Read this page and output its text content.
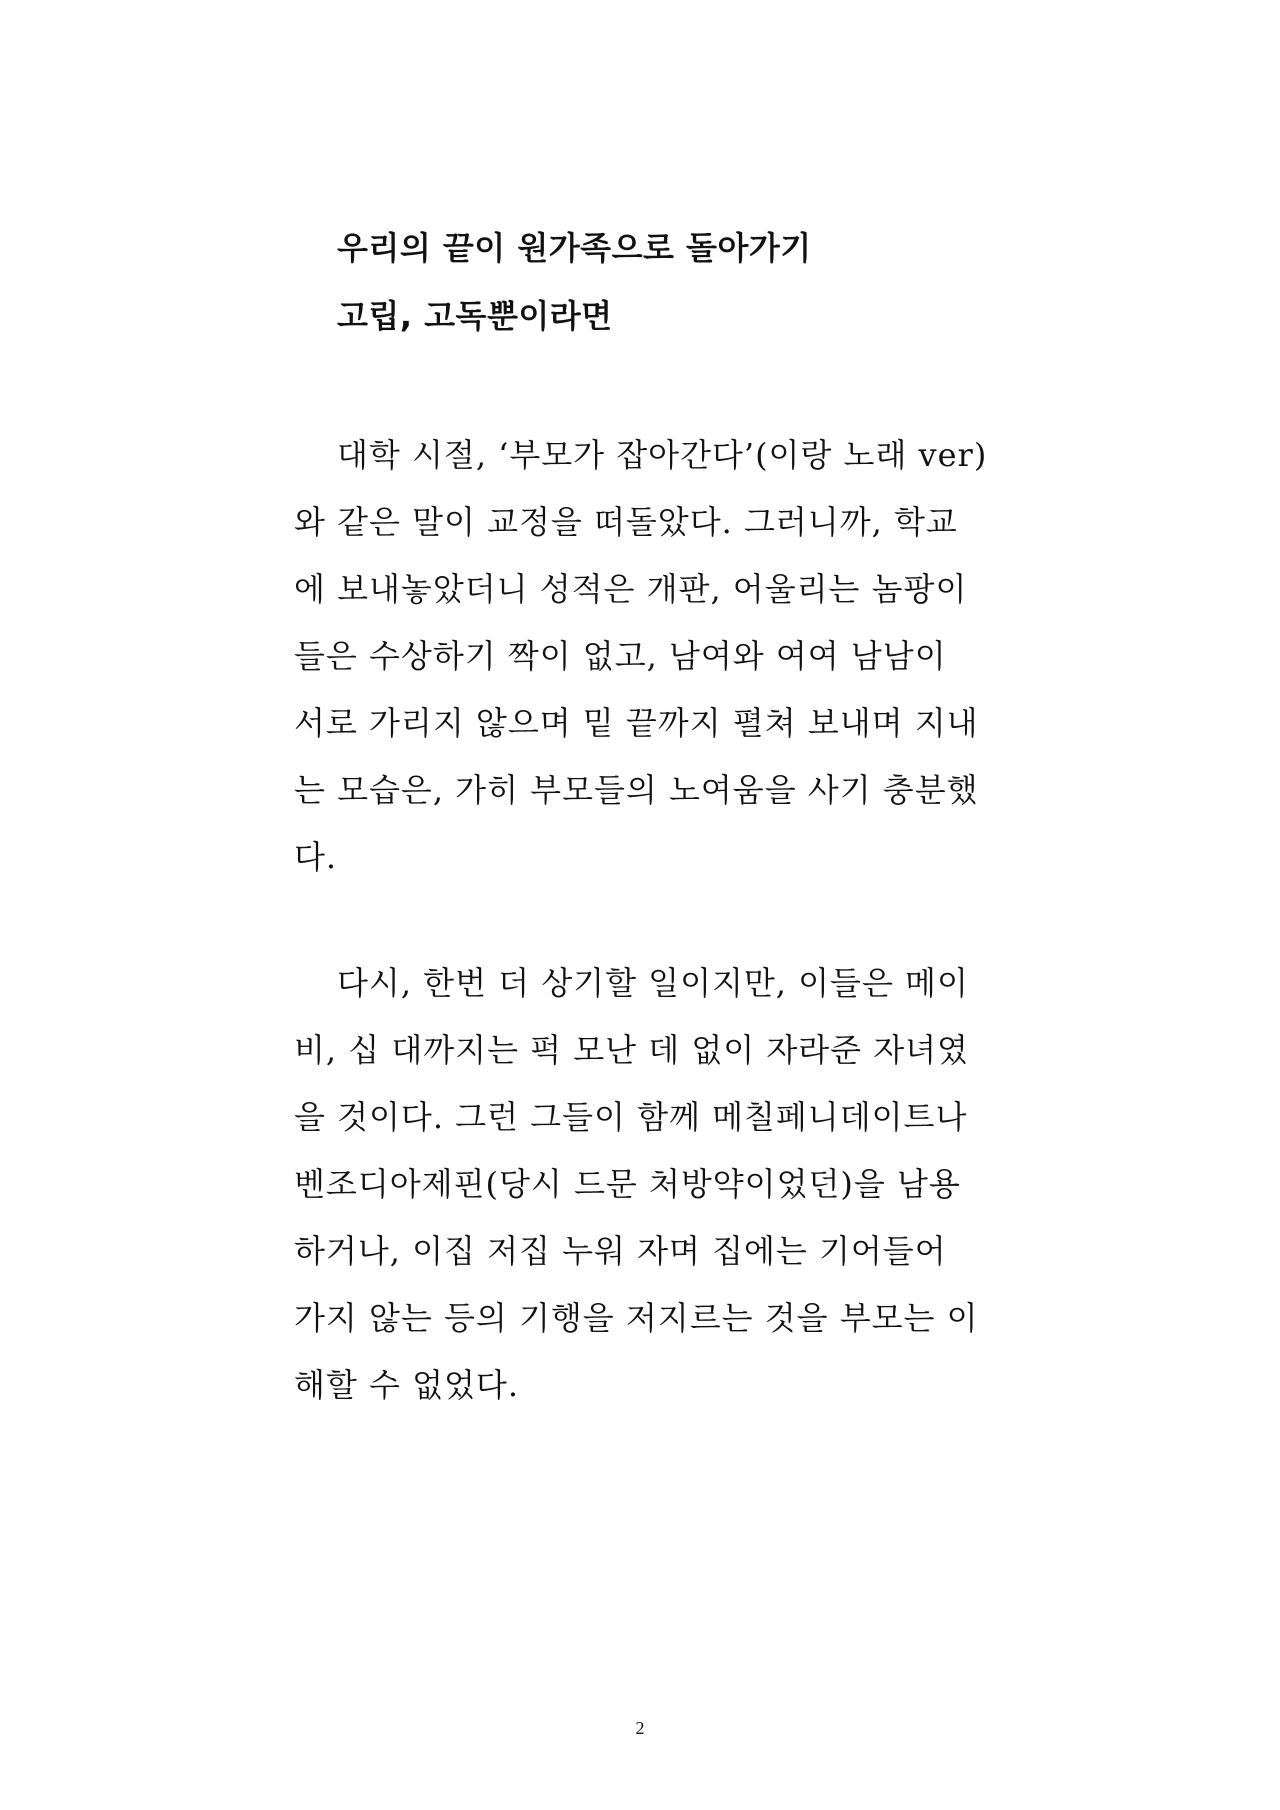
우리의 끝이 원가족으로 돌아가기
고립, 고독뿐이라면
대학 시절, ‘부모가 잡아간다’(이랑 노래 ver)
와 같은 말이 교정을 떠돌았다. 그러니까, 학교
에 보내놓았더니 성적은 개판, 어울리는 놈팡이
들은 수상하기 짝이 없고, 남여와 여여 남남이
서로 가리지 않으며 밑 끝까지 펼쳐 보내며 지내
는 모습은, 가히 부모들의 노여움을 사기 충분했
다.
다시, 한번 더 상기할 일이지만, 이들은 메이
비, 십 대까지는 퍽 모난 데 없이 자라준 자녀였
을 것이다. 그런 그들이 함께 메칠페니데이트나
벤조디아제핀(당시 드문 처방약이었던)을 남용
하거나, 이집 저집 누워 자며 집에는 기어들어
가지 않는 등의 기행을 저지르는 것을 부모는 이
해할 수 없었다.
2
